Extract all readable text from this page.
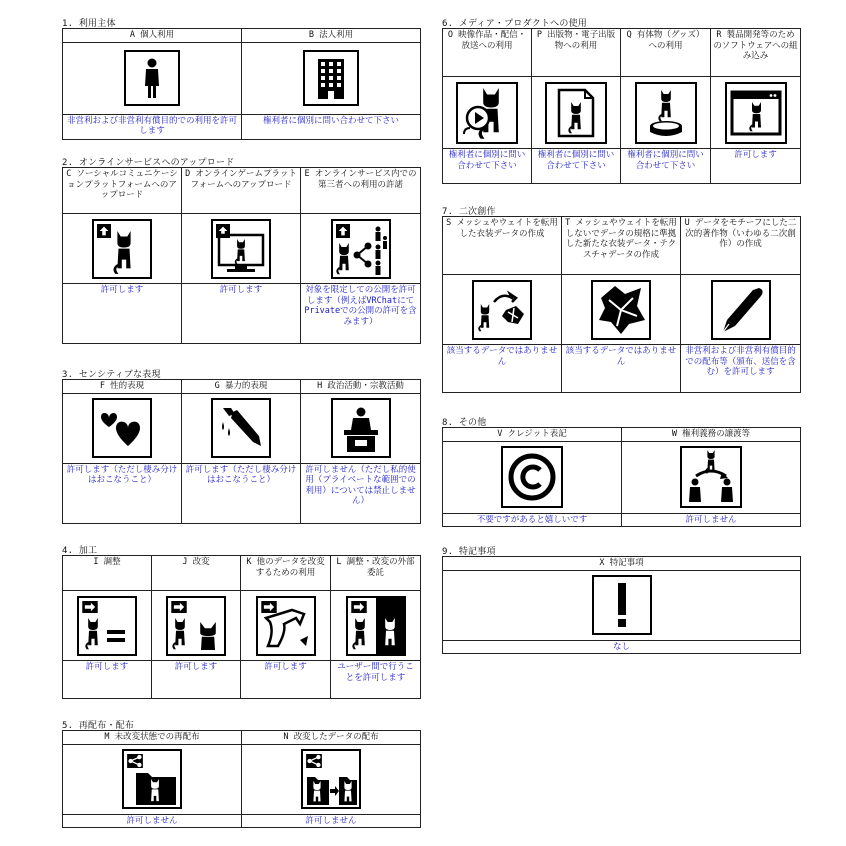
1. 利用主体
A 個人利用	B 法人利用

非営利および非営利有償目的での利用を許可します	権利者に個別に問い合わせて下さい
2. オンラインサービスへのアップロード
C ソーシャルコミュニケーションプラットフォームへのアップロード	D オンラインゲームプラットフォームへのアップロード	E オンラインサービス内での第三者への利用の許諾

許可します	許可します	対象を限定しての公開を許可します（例えばVRChatにてPrivateでの公開の許可を含みます）
3. センシティブな表現
F 性的表現	G 暴力的表現	H 政治活動・宗教活動

許可します（ただし棲み分けはおこなうこと）	許可します（ただし棲み分けはおこなうこと）	許可しません（ただし私的使用（プライベートな範囲での利用）については禁止しません）
4. 加工
I 調整	J 改変	K 他のデータを改変するための利用	L 調整・改変の外部委託

許可します	許可します	許可します	ユーザー間で行うことを許可します
5. 再配布・配布
M 未改変状態での再配布	N 改変したデータの配布

許可しません	許可しません
6. メディア・プロダクトへの使用
O 映像作品・配信・放送への利用	P 出版物・電子出版物への利用	Q 有体物（グッズ）への利用	R 製品開発等のためのソフトウェアへの組み込み

権利者に個別に問い合わせて下さい	権利者に個別に問い合わせて下さい	権利者に個別に問い合わせて下さい	許可します
7. 二次創作
S メッシュやウェイトを転用した衣装データの作成	T メッシュやウェイトを転用しないでデータの規格に準拠した新たな衣装データ・テクスチャデータの作成	U データをモチーフにした二次的著作物（いわゆる二次創作）の作成

該当するデータではありません	該当するデータではありません	非営利および非営利有償目的での配布等（頒布、送信を含む）を許可します
8. その他
V クレジット表記	W 権利義務の譲渡等

不要ですがあると嬉しいです	許可しません
9. 特記事項
X 特記事項

なし
